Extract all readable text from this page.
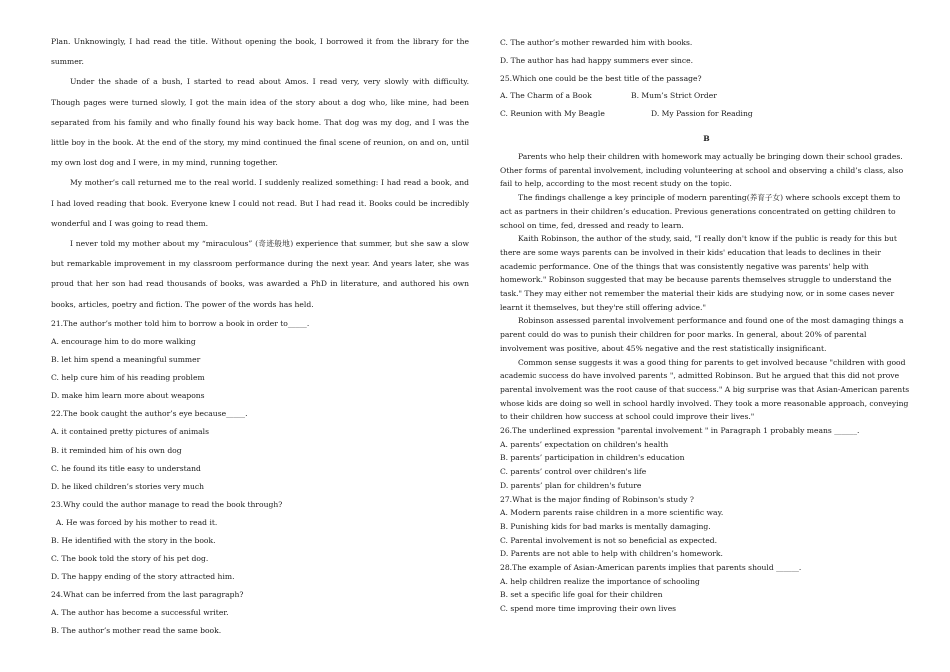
Plan. Unknowingly, I had read the title. Without opening the book, I borrowed it from the library for the summer.

Under the shade of a bush, I started to read about Amos. I read very, very slowly with difficulty. Though pages were turned slowly, I got the main idea of the story about a dog who, like mine, had been separated from his family and who finally found his way back home. That dog was my dog, and I was the little boy in the book. At the end of the story, my mind continued the final scene of reunion, on and on, until my own lost dog and I were, in my mind, running together.

My mother’s call returned me to the real world. I suddenly realized something: I had read a book, and I had loved reading that book. Everyone knew I could not read. But I had read it. Books could be incredibly wonderful and I was going to read them.

I never told my mother about my “miraculous” (奇迹般地) experience that summer, but she saw a slow but remarkable improvement in my classroom performance during the next year. And years later, she was proud that her son had read thousands of books, was awarded a PhD in literature, and authored his own books, articles, poetry and fiction. The power of the words has held.

21.The author’s mother told him to borrow a book in order to_____.

A. encourage him to do more walking

B. let him spend a meaningful summer

C. help cure him of his reading problem

D. make him learn more about weapons

22.The book caught the author’s eye because_____.

A. it contained pretty pictures of animals

B. it reminded him of his own dog

C. he found its title easy to understand

D. he liked children’s stories very much

23.Why could the author manage to read the book through?

A. He was forced by his mother to read it.

B. He identified with the story in the book.

C. The book told the story of his pet dog.

D. The happy ending of the story attracted him.

24.What can be inferred from the last paragraph?

A. The author has become a successful writer.

B. The author’s mother read the same book.

C. The author’s mother rewarded him with books.

D. The author has had happy summers ever since.

25.Which one could be the best title of the passage?

A. The Charm of a Book	B. Mum’s Strict Order

C. Reunion with My Beagle	D. My Passion for Reading

B

Parents who help their children with homework may actually be bringing down their school grades. Other forms of parental involvement, including volunteering at school and observing a child’s class, also fail to help, according to the most recent study on the topic.

The findings challenge a key principle of modern parenting(养育子女) where schools except them to act as partners in their children’s education. Previous generations concentrated on getting children to school on time, fed, dressed and ready to learn.

Kaith Robinson, the author of the study, said, "I really don't know if the public is ready for this but there are some ways parents can be involved in their kids' education that leads to declines in their academic performance. One of the things that was consistently negative was parents' help with homework." Robinson suggested that may be because parents themselves struggle to understand the task." They may either not remember the material their kids are studying now, or in some cases never learnt it themselves, but they're still offering advice."

Robinson assessed parental involvement performance and found one of the most damaging things a parent could do was to punish their children for poor marks. In general, about 20% of parental involvement was positive, about 45% negative and the rest statistically insignificant.

Common sense suggests it was a good thing for parents to get involved because "children with good academic success do have involved parents ", admitted Robinson. But he argued that this did not prove parental involvement was the root cause of that success." A big surprise was that Asian-American parents whose kids are doing so well in school hardly involved. They took a more reasonable approach, conveying to their children how success at school could improve their lives."

26.The underlined expression "parental involvement " in Paragraph 1 probably means ______.

A. parents’ expectation on children's health

B. parents’ participation in children's education

C. parents’ control over children's life

D. parents’ plan for children's future

27.What is the major finding of Robinson's study ?

A. Modern parents raise children in a more scientific way.

B. Punishing kids for bad marks is mentally damaging.

C. Parental involvement is not so beneficial as expected.

D. Parents are not able to help with children’s homework.

28.The example of Asian-American parents implies that parents should ______.

A. help children realize the importance of schooling

B. set a specific life goal for their children

C. spend more time improving their own lives
